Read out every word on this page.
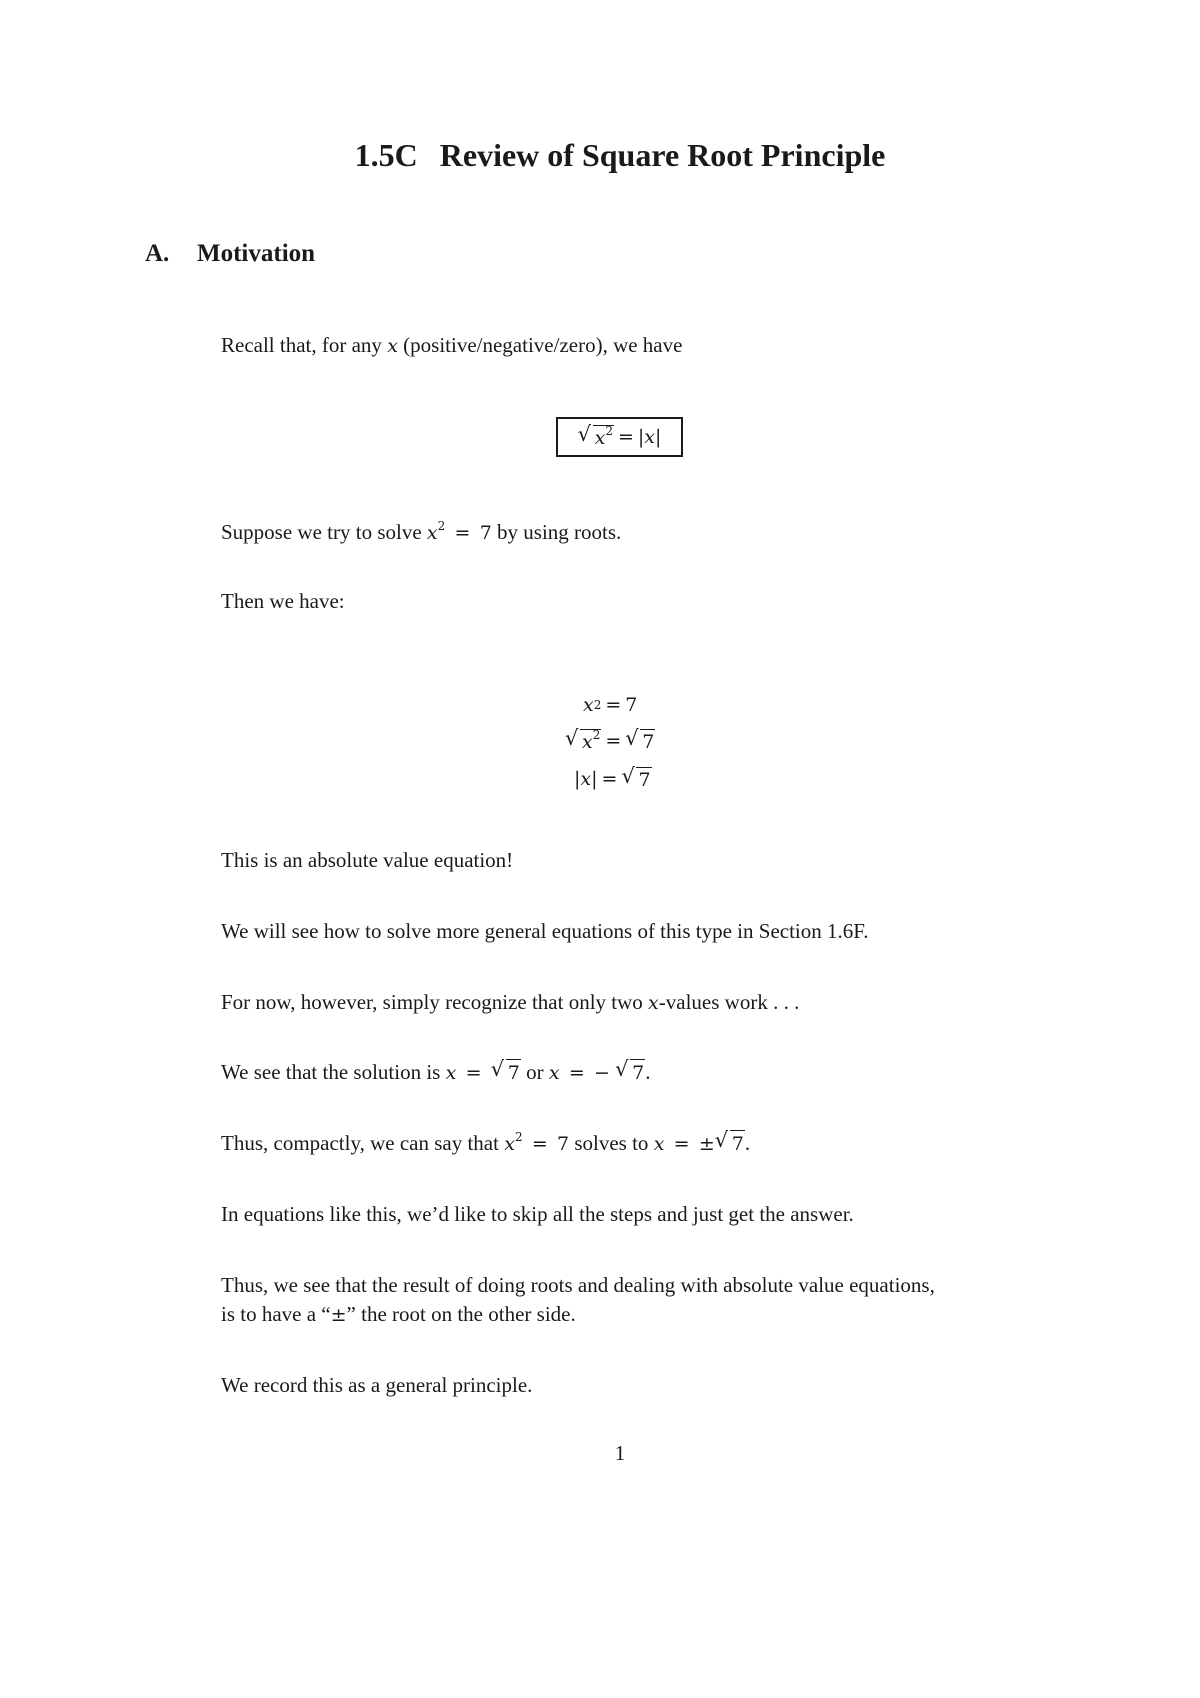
1.5C Review of Square Root Principle
A. Motivation
Recall that, for any x (positive/negative/zero), we have
√ $x^2 = |x|$
Suppose we try to solve $x^2 = 7$ by using roots.
Then we have:
x 2 = 7
√ $x^2$ = √ 7
|x| = √ 7
This is an absolute value equation!
We will see how to solve more general equations of this type in Section 1.6F.
For now, however, simply recognize that only two x-values work . . .
We see that the solution is x = √ 7 or x = − √ 7.
Thus, compactly, we can say that $x^2 = 7$ solves to x = ± √ 7.
In equations like this, we’d like to skip all the steps and just get the answer.
Thus, we see that the result of doing roots and dealing with absolute value equations,
is to have a “±” the root on the other side.
We record this as a general principle.
1
